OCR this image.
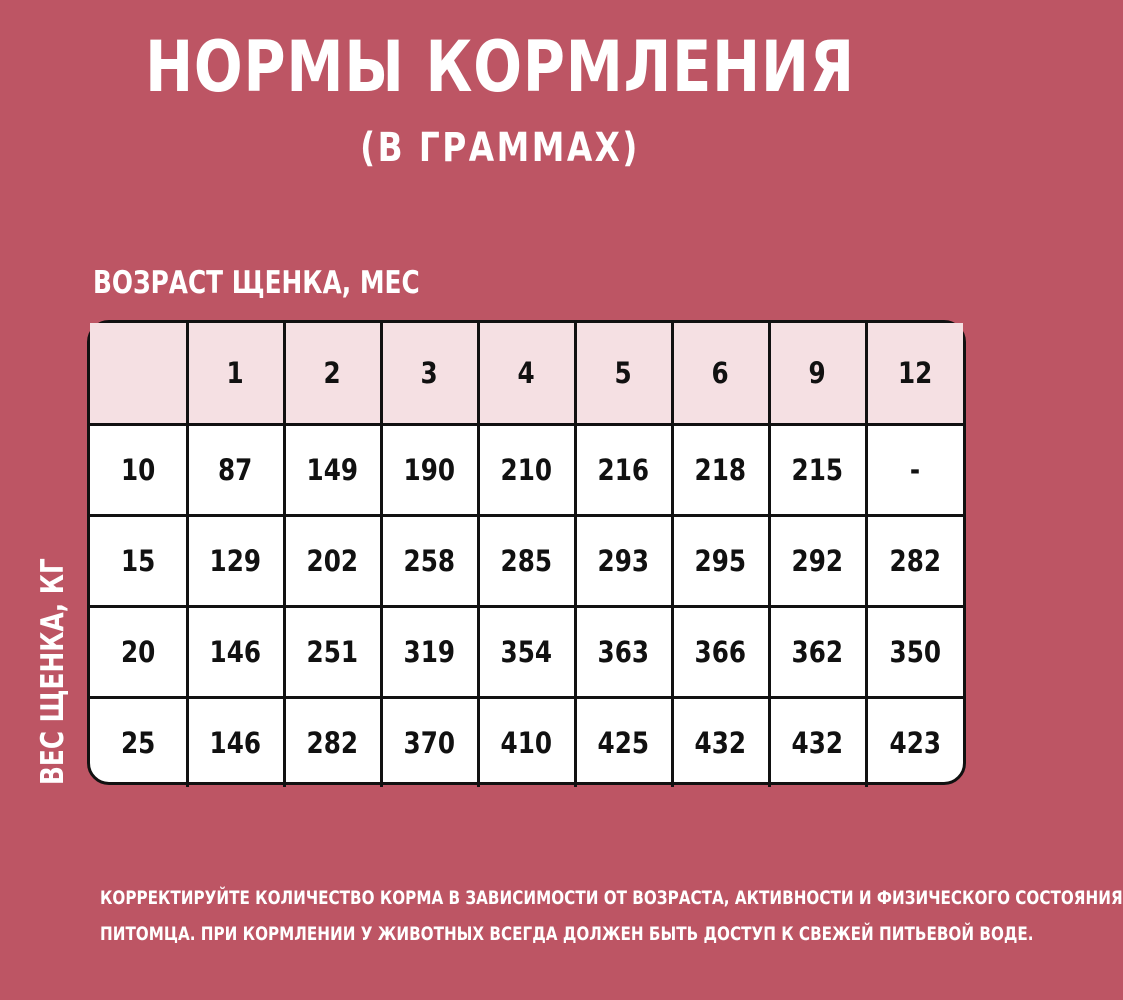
НОРМЫ КОРМЛЕНИЯ
(В ГРАММАХ)
ВОЗРАСТ ЩЕНКА, МЕС
ВЕС ЩЕНКА, КГ
	1	2	3	4	5	6	9	12
10	87	149	190	210	216	218	215	-
15	129	202	258	285	293	295	292	282
20	146	251	319	354	363	366	362	350
25	146	282	370	410	425	432	432	423
КОРРЕКТИРУЙТЕ КОЛИЧЕСТВО КОРМА В ЗАВИСИМОСТИ ОТ ВОЗРАСТА, АКТИВНОСТИ И ФИЗИЧЕСКОГО СОСТОЯНИЯ
ПИТОМЦА. ПРИ КОРМЛЕНИИ У ЖИВОТНЫХ ВСЕГДА ДОЛЖЕН БЫТЬ ДОСТУП К СВЕЖЕЙ ПИТЬЕВОЙ ВОДЕ.
